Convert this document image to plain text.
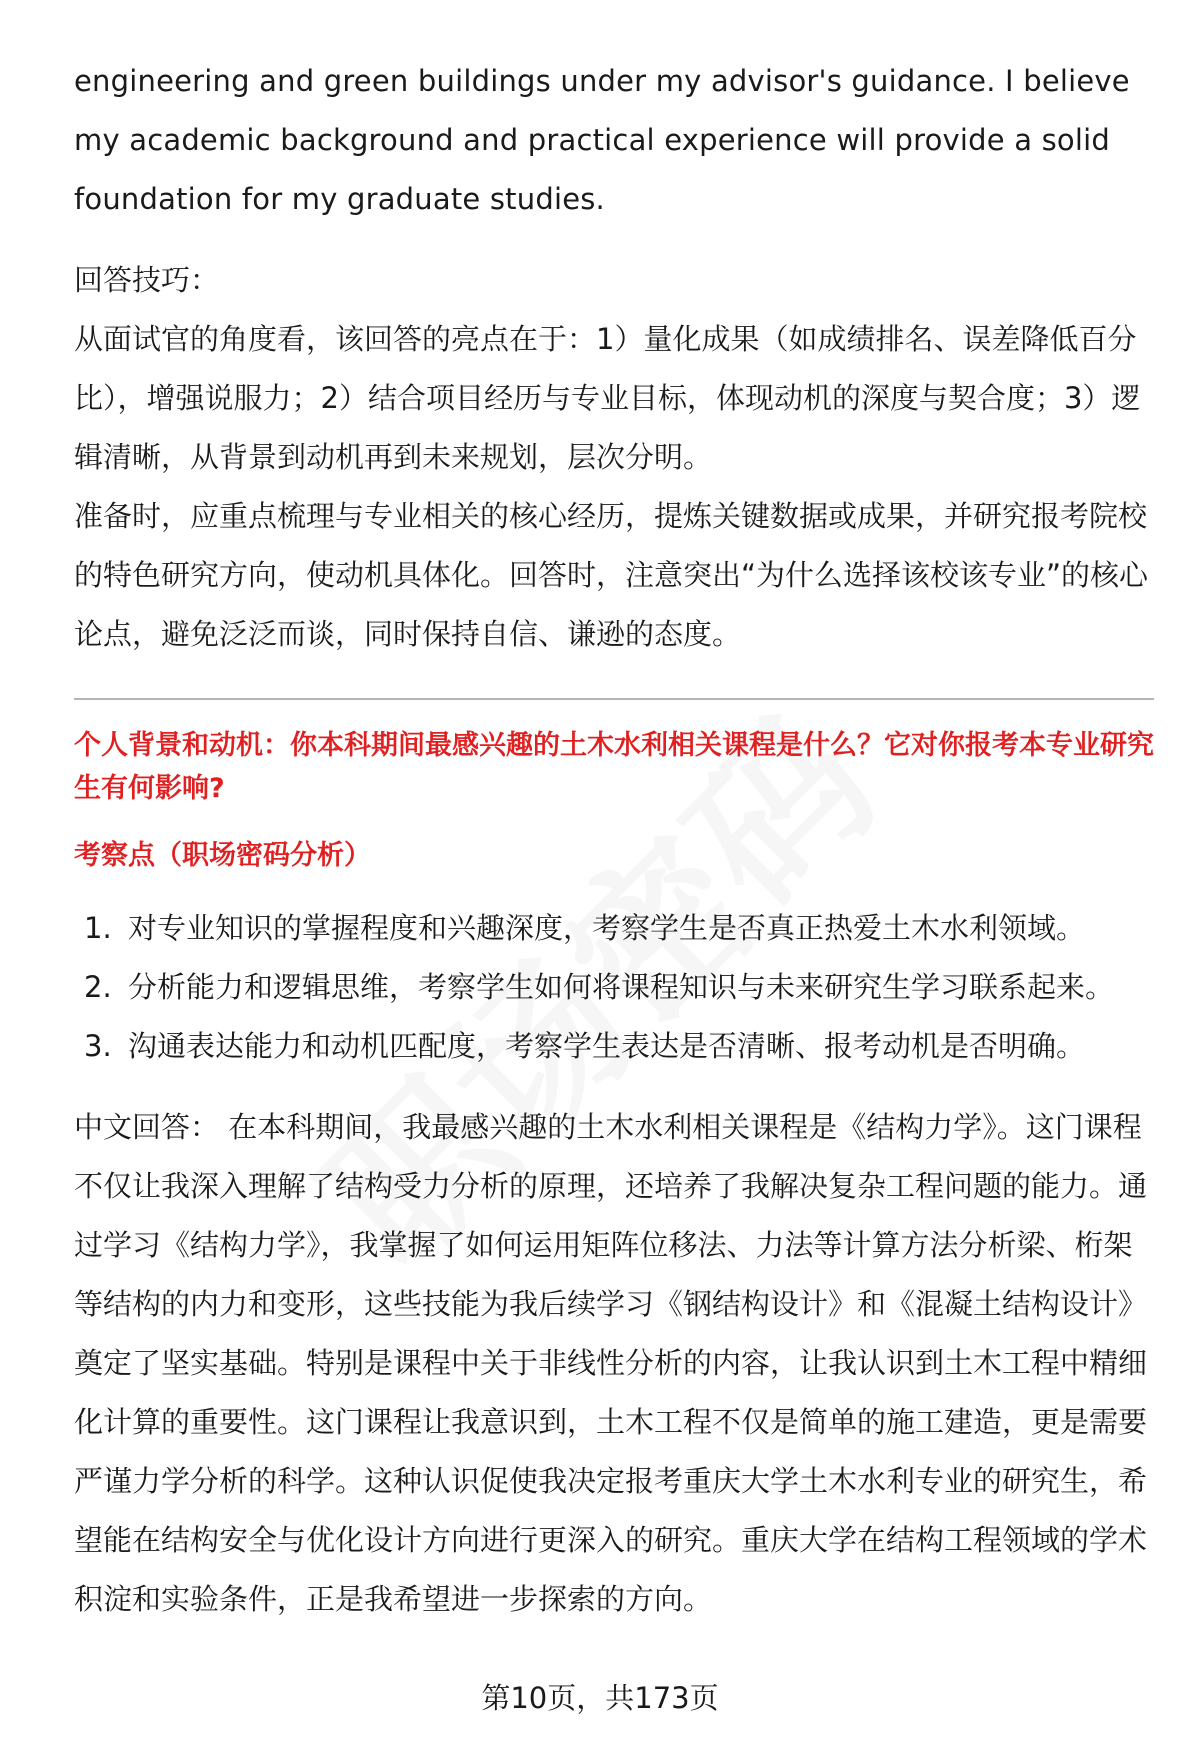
engineering and green buildings under my advisor's guidance. I believe my academic background and practical experience will provide a solid foundation for my graduate studies.

回答技巧：

从面试官的角度看，该回答的亮点在于：1）量化成果（如成绩排名、误差降低百分比），增强说服力；2）结合项目经历与专业目标，体现动机的深度与契合度；3）逻辑清晰，从背景到动机再到未来规划，层次分明。

准备时，应重点梳理与专业相关的核心经历，提炼关键数据或成果，并研究报考院校的特色研究方向，使动机具体化。回答时，注意突出“为什么选择该校该专业”的核心论点，避免泛泛而谈，同时保持自信、谦逊的态度。

个人背景和动机：你本科期间最感兴趣的土木水利相关课程是什么？它对你报考本专业研究生有何影响?

考察点（职场密码分析）

1. 对专业知识的掌握程度和兴趣深度，考察学生是否真正热爱土木水利领域。
2. 分析能力和逻辑思维，考察学生如何将课程知识与未来研究生学习联系起来。
3. 沟通表达能力和动机匹配度，考察学生表达是否清晰、报考动机是否明确。

中文回答： 在本科期间，我最感兴趣的土木水利相关课程是《结构力学》。这门课程不仅让我深入理解了结构受力分析的原理，还培养了我解决复杂工程问题的能力。通过学习《结构力学》，我掌握了如何运用矩阵位移法、力法等计算方法分析梁、桁架等结构的内力和变形，这些技能为我后续学习《钢结构设计》和《混凝土结构设计》奠定了坚实基础。特别是课程中关于非线性分析的内容，让我认识到土木工程中精细化计算的重要性。这门课程让我意识到，土木工程不仅是简单的施工建造，更是需要严谨力学分析的科学。这种认识促使我决定报考重庆大学土木水利专业的研究生，希望能在结构安全与优化设计方向进行更深入的研究。重庆大学在结构工程领域的学术积淀和实验条件，正是我希望进一步探索的方向。

第10页，共173页
